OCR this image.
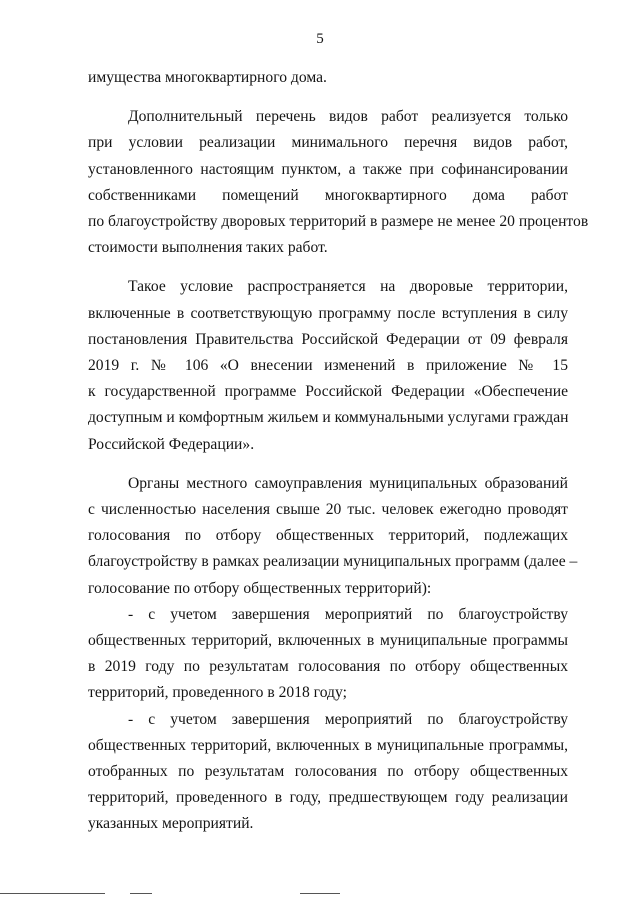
5

имущества многоквартирного дома.

Дополнительный перечень видов работ реализуется только
при условии реализации минимального перечня видов работ,
установленного настоящим пунктом, а также при софинансировании
собственниками помещений многоквартирного дома работ
по благоустройству дворовых территорий в размере не менее 20 процентов
стоимости выполнения таких работ.

Такое условие распространяется на дворовые территории,
включенные в соответствующую программу после вступления в силу
постановления Правительства Российской Федерации от 09 февраля
2019 г. № 106 «О внесении изменений в приложение № 15
к государственной программе Российской Федерации «Обеспечение
доступным и комфортным жильем и коммунальными услугами граждан
Российской Федерации».

Органы местного самоуправления муниципальных образований
с численностью населения свыше 20 тыс. человек ежегодно проводят
голосования по отбору общественных территорий, подлежащих
благоустройству в рамках реализации муниципальных программ (далее –
голосование по отбору общественных территорий):

- с учетом завершения мероприятий по благоустройству
общественных территорий, включенных в муниципальные программы
в 2019 году по результатам голосования по отбору общественных
территорий, проведенного в 2018 году;

- с учетом завершения мероприятий по благоустройству
общественных территорий, включенных в муниципальные программы,
отобранных по результатам голосования по отбору общественных
территорий, проведенного в году, предшествующем году реализации
указанных мероприятий.
